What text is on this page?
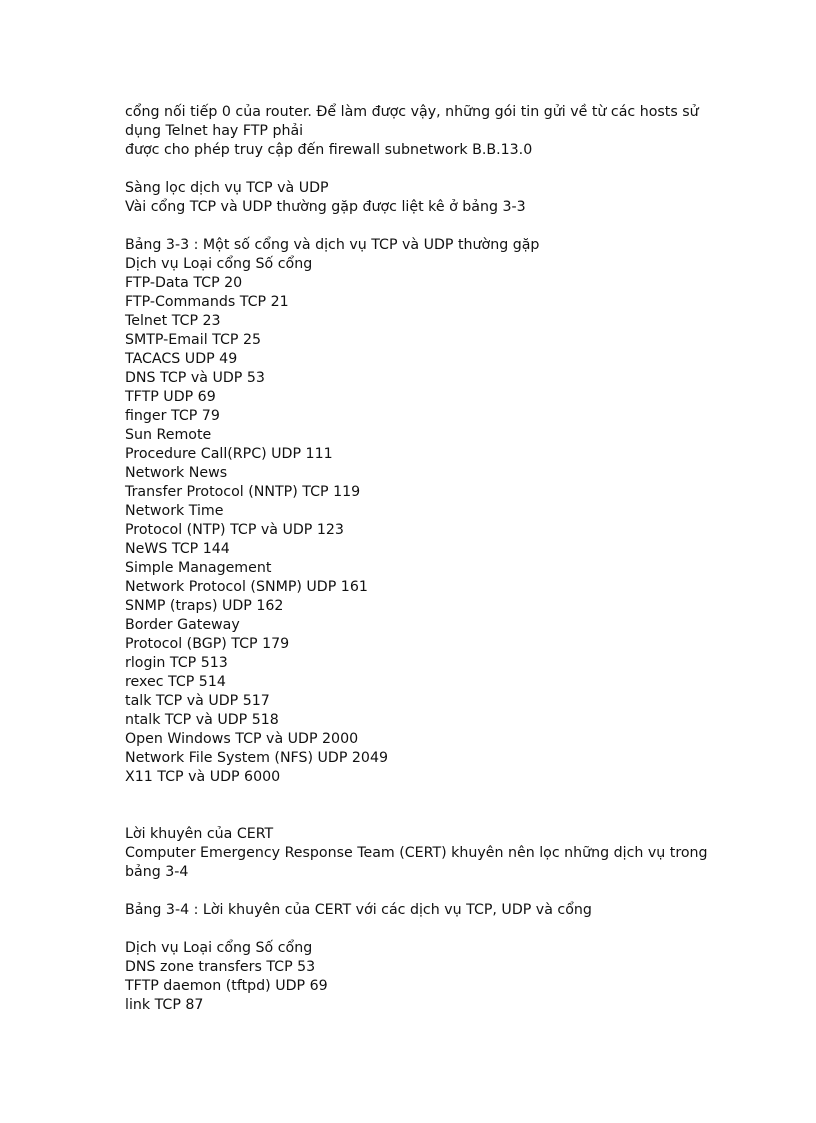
cổng nối tiếp 0 của router. Để làm được vậy, những gói tin gửi về từ các hosts sử
dụng Telnet hay FTP phải
được cho phép truy cập đến firewall subnetwork B.B.13.0
Sàng lọc dịch vụ TCP và UDP
Vài cổng TCP và UDP thường gặp được liệt kê ở bảng 3-3
Bảng 3-3 : Một số cổng và dịch vụ TCP và UDP thường gặp
Dịch vụ Loại cổng Số cổng
FTP-Data TCP 20
FTP-Commands TCP 21
Telnet TCP 23
SMTP-Email TCP 25
TACACS UDP 49
DNS TCP và UDP 53
TFTP UDP 69
finger TCP 79
Sun Remote
Procedure Call(RPC) UDP 111
Network News
Transfer Protocol (NNTP) TCP 119
Network Time
Protocol (NTP) TCP và UDP 123
NeWS TCP 144
Simple Management
Network Protocol (SNMP) UDP 161
SNMP (traps) UDP 162
Border Gateway
Protocol (BGP) TCP 179
rlogin TCP 513
rexec TCP 514
talk TCP và UDP 517
ntalk TCP và UDP 518
Open Windows TCP và UDP 2000
Network File System (NFS) UDP 2049
X11 TCP và UDP 6000
Lời khuyên của CERT
Computer Emergency Response Team (CERT) khuyên nên lọc những dịch vụ trong
bảng 3-4
Bảng 3-4 : Lời khuyên của CERT với các dịch vụ TCP, UDP và cổng
Dịch vụ Loại cổng Số cổng
DNS zone transfers TCP 53
TFTP daemon (tftpd) UDP 69
link TCP 87
